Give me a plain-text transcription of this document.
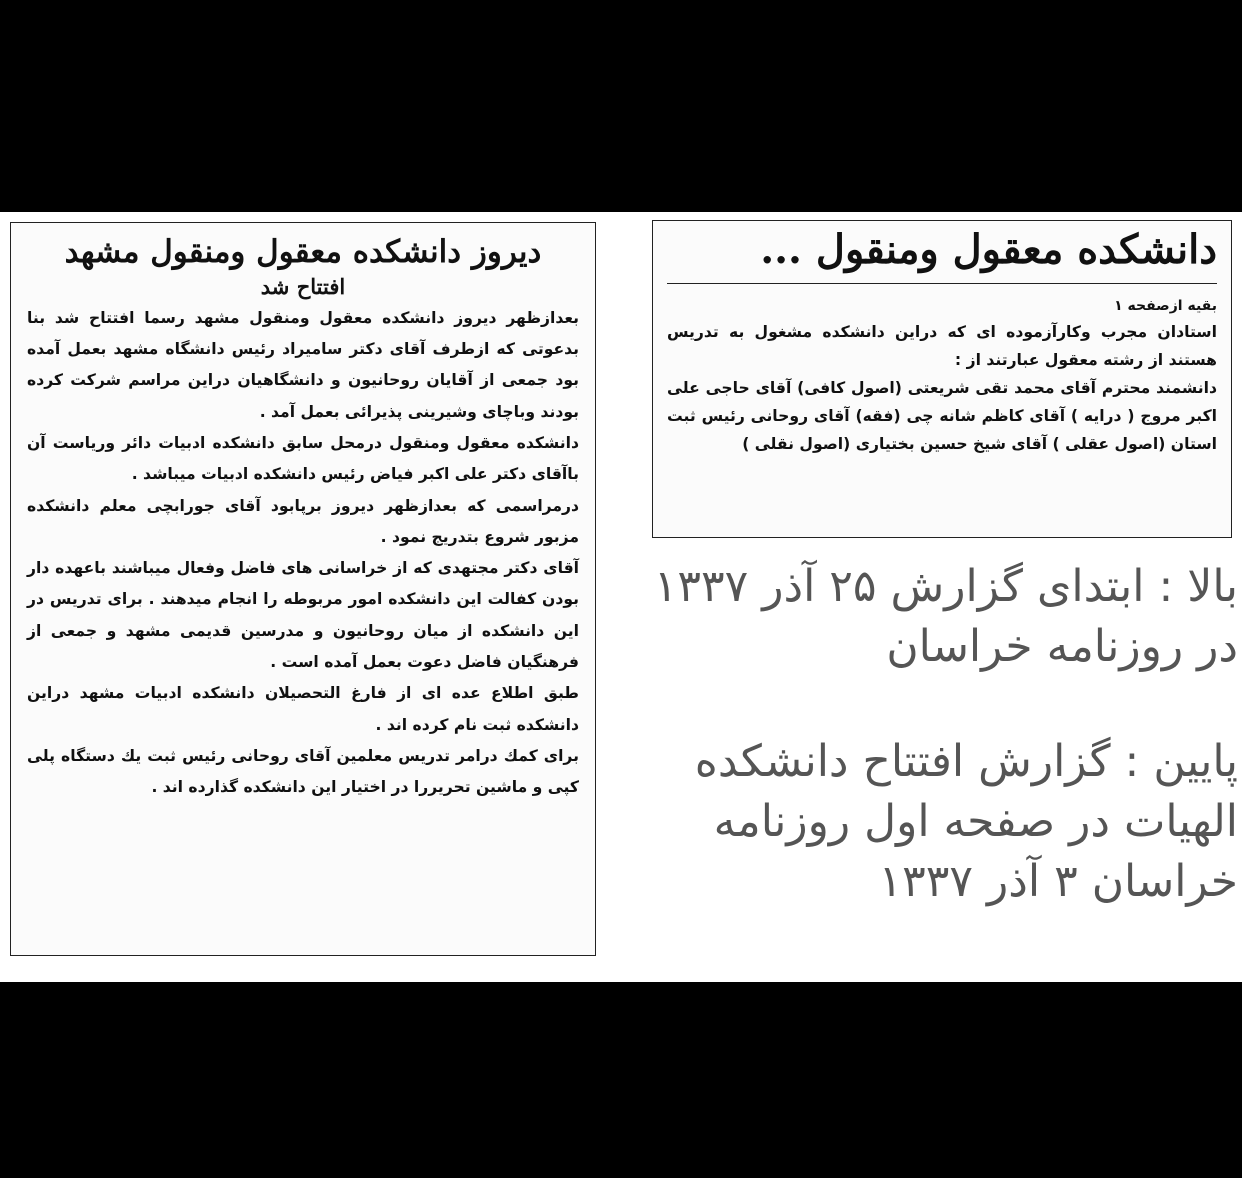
دیروز دانشکده معقول ومنقول مشهد
افتتاح شد

بعدازظهر دیروز دانشکده معقول ومنقول مشهد رسما افتتاح شد بنا بدعوتی که ازطرف آقای دکتر سامیراد رئیس دانشگاه مشهد بعمل آمده بود جمعی از آقایان روحانیون و دانشگاهیان دراین مراسم شرکت کرده بودند وباچای وشیرینی پذیرائی بعمل آمد .

دانشکده معقول ومنقول درمحل سابق دانشکده ادبیات دائر وریاست آن باآقای دکتر علی اکبر فیاض رئیس دانشکده ادبیات میباشد .

درمراسمی که بعدازظهر دیروز برپابود آقای جورابچی معلم دانشکده مزبور شروع بتدریج نمود .

آقای دکتر مجتهدی که از خراسانی های فاضل وفعال میباشند باعهده دار بودن کفالت این دانشکده امور مربوطه را انجام میدهند . برای تدریس در این دانشکده از میان روحانیون و مدرسین قدیمی مشهد و جمعی از فرهنگیان فاضل دعوت بعمل آمده است .

طبق اطلاع عده ای از فارغ التحصیلان دانشکده ادبیات مشهد دراین دانشکده ثبت نام کرده اند .

برای کمك درامر تدریس معلمین آقای روحانی رئیس ثبت یك دستگاه پلی کپی و ماشین تحریررا در اختیار این دانشکده گذارده اند .

دانشکده معقول ومنقول ...

بقیه ازصفحه ۱

استادان مجرب وکارآزموده ای که دراین دانشکده مشغول به تدریس هستند از رشته معقول عبارتند از :

دانشمند محترم آقای محمد تقی شریعتی (اصول کافی) آقای حاجی علی اکبر مروج ( درایه ) آقای کاظم شانه چی (فقه) آقای روحانی رئیس ثبت استان (اصول عقلی ) آقای شیخ حسین بختیاری (اصول نقلی )

بالا : ابتدای گزارش ۲۵ آذر ۱۳۳۷
در روزنامه خراسان
پایین : گزارش افتتاح دانشکده
الهیات در صفحه اول روزنامه
خراسان ۳ آذر ۱۳۳۷
